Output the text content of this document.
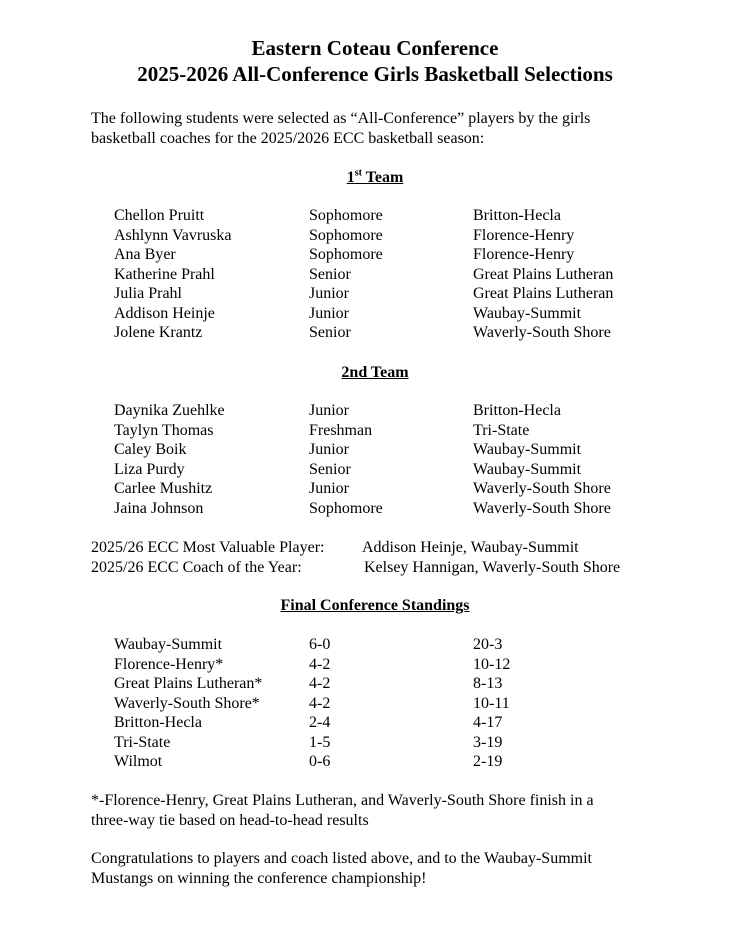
Eastern Coteau Conference
2025-2026 All-Conference Girls Basketball Selections
The following students were selected as “All-Conference” players by the girls
basketball coaches for the 2025/2026 ECC basketball season:
1st Team
Chellon Pruitt	Sophomore	Britton-Hecla
Ashlynn Vavruska	Sophomore	Florence-Henry
Ana Byer	Sophomore	Florence-Henry
Katherine Prahl	Senior	Great Plains Lutheran
Julia Prahl	Junior	Great Plains Lutheran
Addison Heinje	Junior	Waubay-Summit
Jolene Krantz	Senior	Waverly-South Shore
2nd Team
Daynika Zuehlke	Junior	Britton-Hecla
Taylyn Thomas	Freshman	Tri-State
Caley Boik	Junior	Waubay-Summit
Liza Purdy	Senior	Waubay-Summit
Carlee Mushitz	Junior	Waverly-South Shore
Jaina Johnson	Sophomore	Waverly-South Shore
2025/26 ECC Most Valuable Player: Addison Heinje, Waubay-Summit
2025/26 ECC Coach of the Year:	Kelsey Hannigan, Waverly-South Shore
Final Conference Standings
Waubay-Summit	6-0	20-3
Florence-Henry*	4-2	10-12
Great Plains Lutheran*	4-2	8-13
Waverly-South Shore*	4-2	10-11
Britton-Hecla	2-4	4-17
Tri-State	1-5	3-19
Wilmot	0-6	2-19
*-Florence-Henry, Great Plains Lutheran, and Waverly-South Shore finish in a
three-way tie based on head-to-head results
Congratulations to players and coach listed above, and to the Waubay-Summit
Mustangs on winning the conference championship!
